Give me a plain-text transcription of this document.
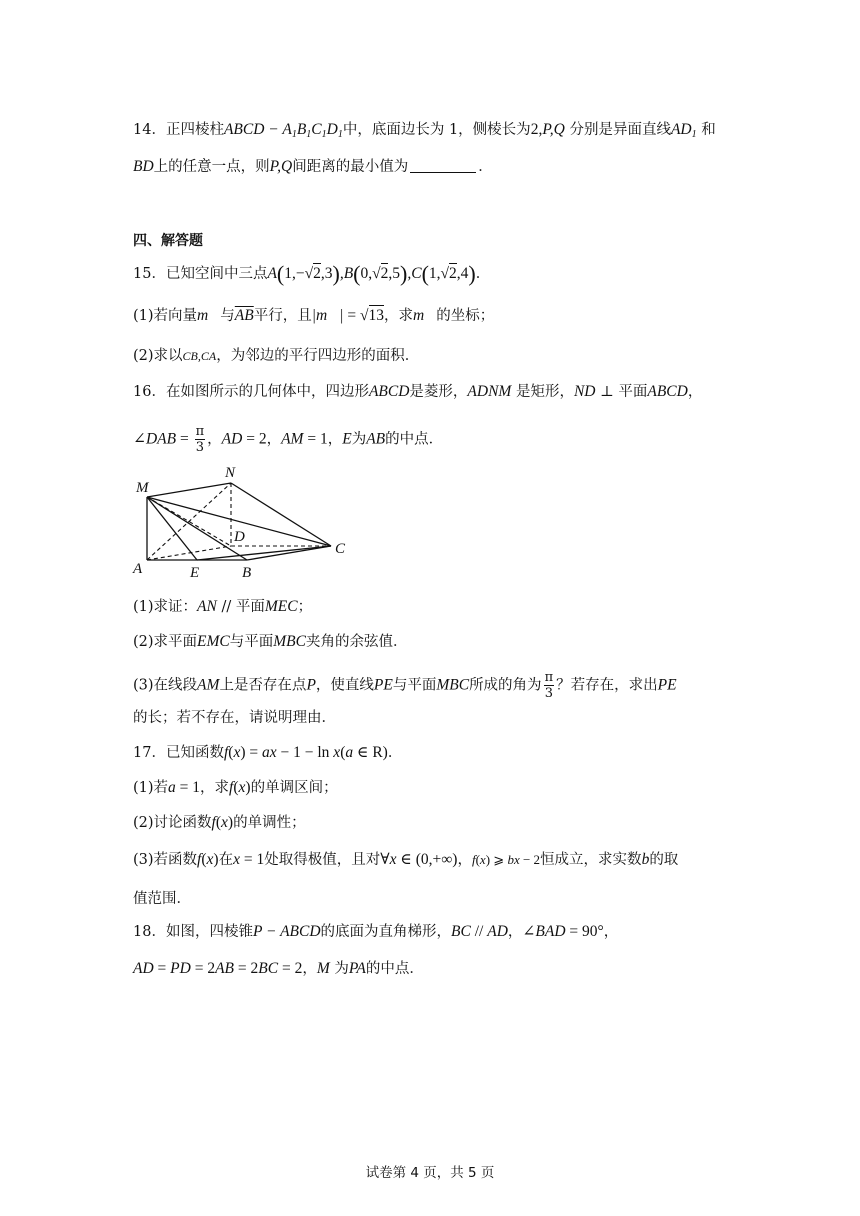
14．正四棱柱ABCD − $A_1B_1C_1D_1$中，底面边长为 1，侧棱长为2,P,Q 分别是异面直线$AD_1$ 和
BD上的任意一点，则P,Q间距离的最小值为	．
四、解答题
15．已知空间中三点A(1,−√2,3),B(0,√2,5),C(1,√2,4)．
(1)若向量m⃗与$\overline{AB}$平行，且|m⃗| = √13，求m⃗的坐标；
(2)求以CB,CA，为邻边的平行四边形的面积．
16．在如图所示的几何体中，四边形ABCD是菱形，ADNM 是矩形，ND ⊥ 平面ABCD，
∠DAB = $\frac{\pi}{3}$ ，AD = 2，AM = 1，E为AB的中点．
M
N
D
C
A	E	B
(1)求证：AN // 平面MEC；
(2)求平面EMC与平面MBC夹角的余弦值．
(3)在线段AM上是否存在点P，使直线PE与平面MBC所成的角为 $\frac{\pi}{3}$ ？若存在，求出PE
的长；若不存在，请说明理由．
17．已知函数f(x) = ax − 1 − ln x(a ∈ R)．
(1)若a = 1，求f(x)的单调区间；
(2)讨论函数f(x)的单调性；
(3)若函数f(x)在x = 1处取得极值，且对∀x ∈ (0,+∞)，f(x) ⩾ bx − 2恒成立，求实数b的取
值范围．
18．如图，四棱锥P − ABCD的底面为直角梯形，BC // AD，∠BAD = 90°，
AD = PD = 2AB = 2BC = 2，M 为PA的中点．
试卷第 4 页，共 5 页
